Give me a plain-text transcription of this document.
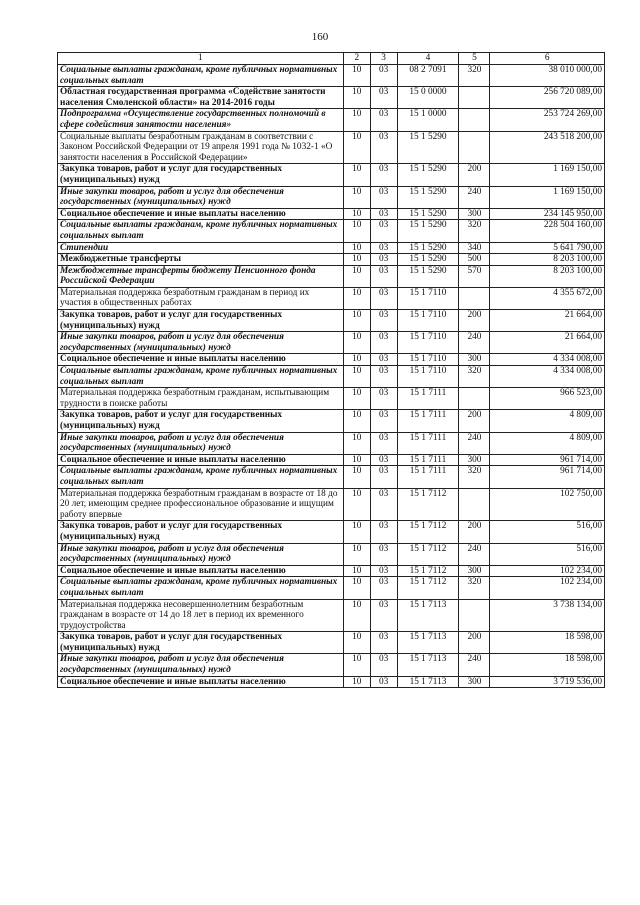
160
1	2	3	4	5	6
Социальные выплаты гражданам, кроме публичных нормативных социальных выплат	10	03	08 2 7091	320	38 010 000,00
Областная государственная программа «Содействие занятости населения Смоленской области» на 2014-2016 годы	10	03	15 0 0000		256 720 089,00
Подпрограмма «Осуществление государственных полномочий в сфере содействия занятости населения»	10	03	15 1 0000		253 724 269,00
Социальные выплаты безработным гражданам в соответствии с Законом Российской Федерации от 19 апреля 1991 года № 1032-1 «О занятости населения в Российской Федерации»	10	03	15 1 5290		243 518 200,00
Закупка товаров, работ и услуг для государственных (муниципальных) нужд	10	03	15 1 5290	200	1 169 150,00
Иные закупки товаров, работ и услуг для обеспечения государственных (муниципальных) нужд	10	03	15 1 5290	240	1 169 150,00
Социальное обеспечение и иные выплаты населению	10	03	15 1 5290	300	234 145 950,00
Социальные выплаты гражданам, кроме публичных нормативных социальных выплат	10	03	15 1 5290	320	228 504 160,00
Стипендии	10	03	15 1 5290	340	5 641 790,00
Межбюджетные трансферты	10	03	15 1 5290	500	8 203 100,00
Межбюджетные трансферты бюджету Пенсионного фонда Российской Федерации	10	03	15 1 5290	570	8 203 100,00
Материальная поддержка безработным гражданам в период их участия в общественных работах	10	03	15 1 7110		4 355 672,00
Закупка товаров, работ и услуг для государственных (муниципальных) нужд	10	03	15 1 7110	200	21 664,00
Иные закупки товаров, работ и услуг для обеспечения государственных (муниципальных) нужд	10	03	15 1 7110	240	21 664,00
Социальное обеспечение и иные выплаты населению	10	03	15 1 7110	300	4 334 008,00
Социальные выплаты гражданам, кроме публичных нормативных социальных выплат	10	03	15 1 7110	320	4 334 008,00
Материальная поддержка безработным гражданам, испытывающим трудности в поиске работы	10	03	15 1 7111		966 523,00
Закупка товаров, работ и услуг для государственных (муниципальных) нужд	10	03	15 1 7111	200	4 809,00
Иные закупки товаров, работ и услуг для обеспечения государственных (муниципальных) нужд	10	03	15 1 7111	240	4 809,00
Социальное обеспечение и иные выплаты населению	10	03	15 1 7111	300	961 714,00
Социальные выплаты гражданам, кроме публичных нормативных социальных выплат	10	03	15 1 7111	320	961 714,00
Материальная поддержка безработным гражданам в возрасте от 18 до 20 лет, имеющим среднее профессиональное образование и ищущим работу впервые	10	03	15 1 7112		102 750,00
Закупка товаров, работ и услуг для государственных (муниципальных) нужд	10	03	15 1 7112	200	516,00
Иные закупки товаров, работ и услуг для обеспечения государственных (муниципальных) нужд	10	03	15 1 7112	240	516,00
Социальное обеспечение и иные выплаты населению	10	03	15 1 7112	300	102 234,00
Социальные выплаты гражданам, кроме публичных нормативных социальных выплат	10	03	15 1 7112	320	102 234,00
Материальная поддержка несовершеннолетним безработным гражданам в возрасте от 14 до 18 лет в период их временного трудоустройства	10	03	15 1 7113		3 738 134,00
Закупка товаров, работ и услуг для государственных (муниципальных) нужд	10	03	15 1 7113	200	18 598,00
Иные закупки товаров, работ и услуг для обеспечения государственных (муниципальных) нужд	10	03	15 1 7113	240	18 598,00
Социальное обеспечение и иные выплаты населению	10	03	15 1 7113	300	3 719 536,00
